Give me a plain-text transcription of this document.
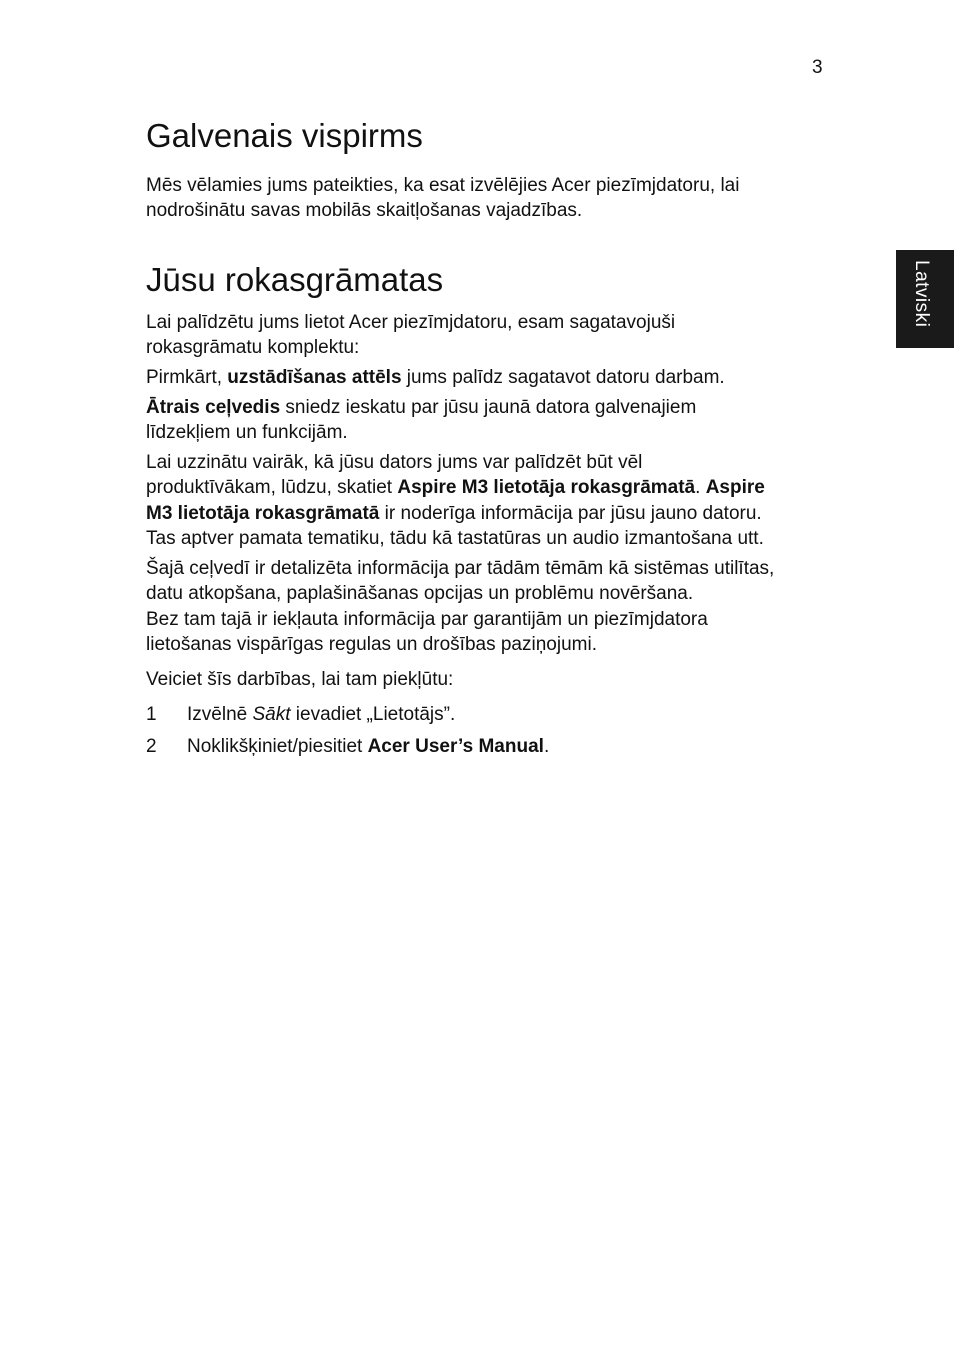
3
Latviski
Galvenais vispirms
Mēs vēlamies jums pateikties, ka esat izvēlējies Acer piezīmjdatoru, lai
nodrošinātu savas mobilās skaitļošanas vajadzības.
Jūsu rokasgrāmatas
Lai palīdzētu jums lietot Acer piezīmjdatoru, esam sagatavojuši
rokasgrāmatu komplektu:
Pirmkārt, uzstādīšanas attēls jums palīdz sagatavot datoru darbam.
Ātrais ceļvedis sniedz ieskatu par jūsu jaunā datora galvenajiem
līdzekļiem un funkcijām.
Lai uzzinātu vairāk, kā jūsu dators jums var palīdzēt būt vēl
produktīvākam, lūdzu, skatiet Aspire M3 lietotāja rokasgrāmatā. Aspire
M3 lietotāja rokasgrāmatā ir noderīga informācija par jūsu jauno datoru.
Tas aptver pamata tematiku, tādu kā tastatūras un audio izmantošana utt.
Šajā ceļvedī ir detalizēta informācija par tādām tēmām kā sistēmas utilītas,
datu atkopšana, paplašināšanas opcijas un problēmu novēršana.
Bez tam tajā ir iekļauta informācija par garantijām un piezīmjdatora
lietošanas vispārīgas regulas un drošības paziņojumi.
Veiciet šīs darbības, lai tam piekļūtu:
1 Izvēlnē Sākt ievadiet „Lietotājs”.
2 Noklikšķiniet/piesitiet Acer User’s Manual.
